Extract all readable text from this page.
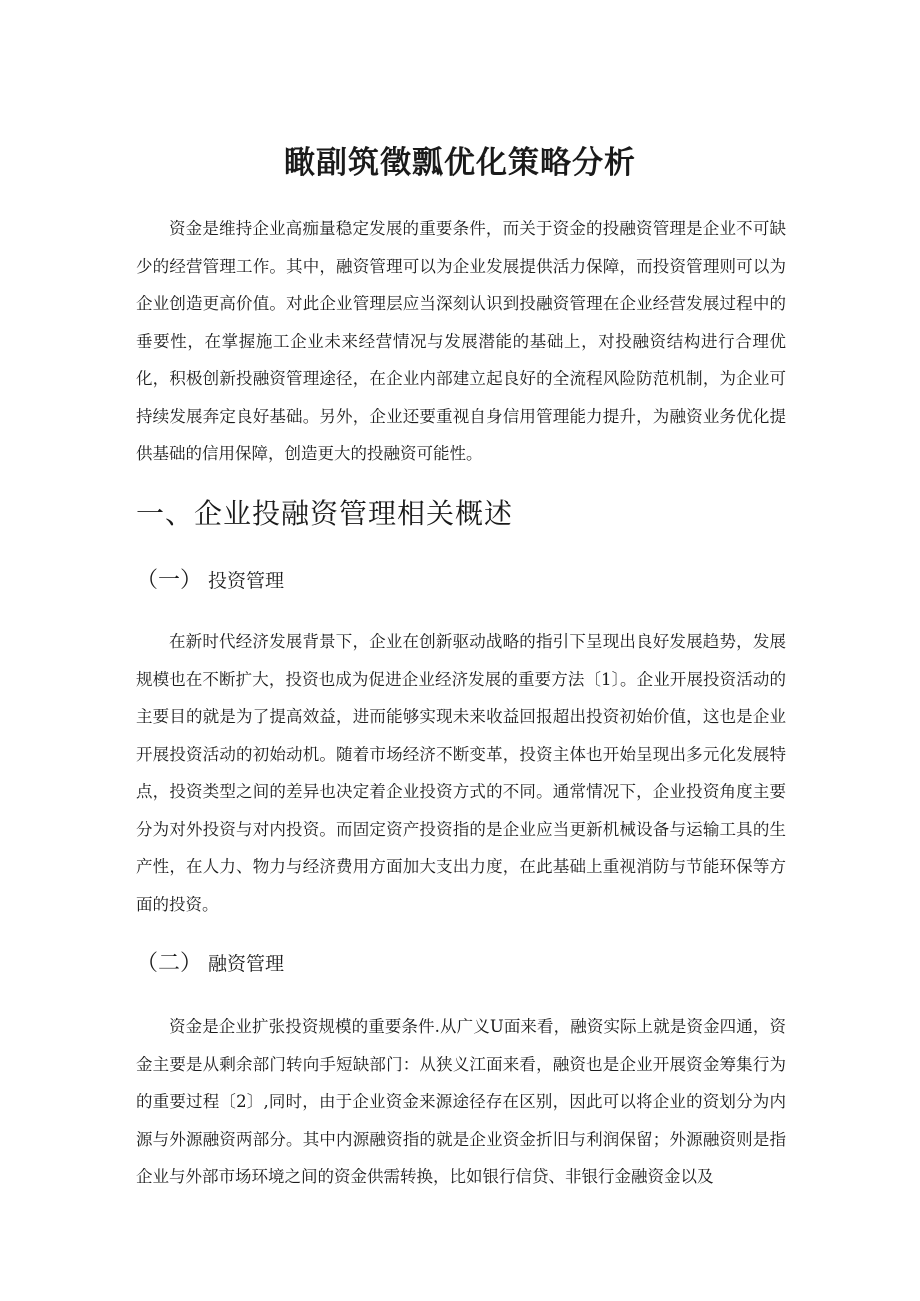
瞰副筑徵瓢优化策略分析

资金是维持企业高痂量稳定发展的重要条件，而关于资金的投融资管理是企业不可缺少的经营管理工作。其中，融资管理可以为企业发展提供活力保障，而投资管理则可以为企业创造更高价值。对此企业管理层应当深刻认识到投融资管理在企业经营发展过程中的垂要性，在掌握施工企业未来经营情况与发展潜能的基础上，对投融资结构进行合理优化，积极创新投融资管理途径，在企业内部建立起良好的全流程风险防范机制，为企业可持续发展奔定良好基础。另外，企业还要重视自身信用管理能力提升，为融资业务优化提供基础的信用保障，创造更大的投融资可能性。

一、企业投融资管理相关概述
（一） 投资管理

在新时代经济发展背景下，企业在创新驱动战略的指引下呈现出良好发展趋势，发展规模也在不断扩大，投资也成为促进企业经济发展的重要方法〔1〕。企业开展投资活动的主要目的就是为了提高效益，进而能够实现未来收益回报超出投资初始价值，这也是企业开展投资活动的初始动机。随着市场经济不断变革，投资主体也开始呈现出多元化发展特点，投资类型之间的差异也决定着企业投资方式的不同。通常情况下，企业投资角度主要分为对外投资与对内投资。而固定资产投资指的是企业应当更新机械设备与运输工具的生产性，在人力、物力与经济费用方面加大支出力度，在此基础上重视消防与节能环保等方面的投资。

（二） 融资管理

资金是企业扩张投资规模的重要条件.从广义U面来看，融资实际上就是资金四通，资金主要是从剩余部门转向手短缺部门：从狭义江面来看，融资也是企业开展资金筹集行为的重要过程〔2〕,同时，由于企业资金来源途径存在区别，因此可以将企业的资划分为内源与外源融资两部分。其中内源融资指的就是企业资金折旧与利润保留；外源融资则是指企业与外部市场环境之间的资金供需转换，比如银行信贷、非银行金融资金以及
